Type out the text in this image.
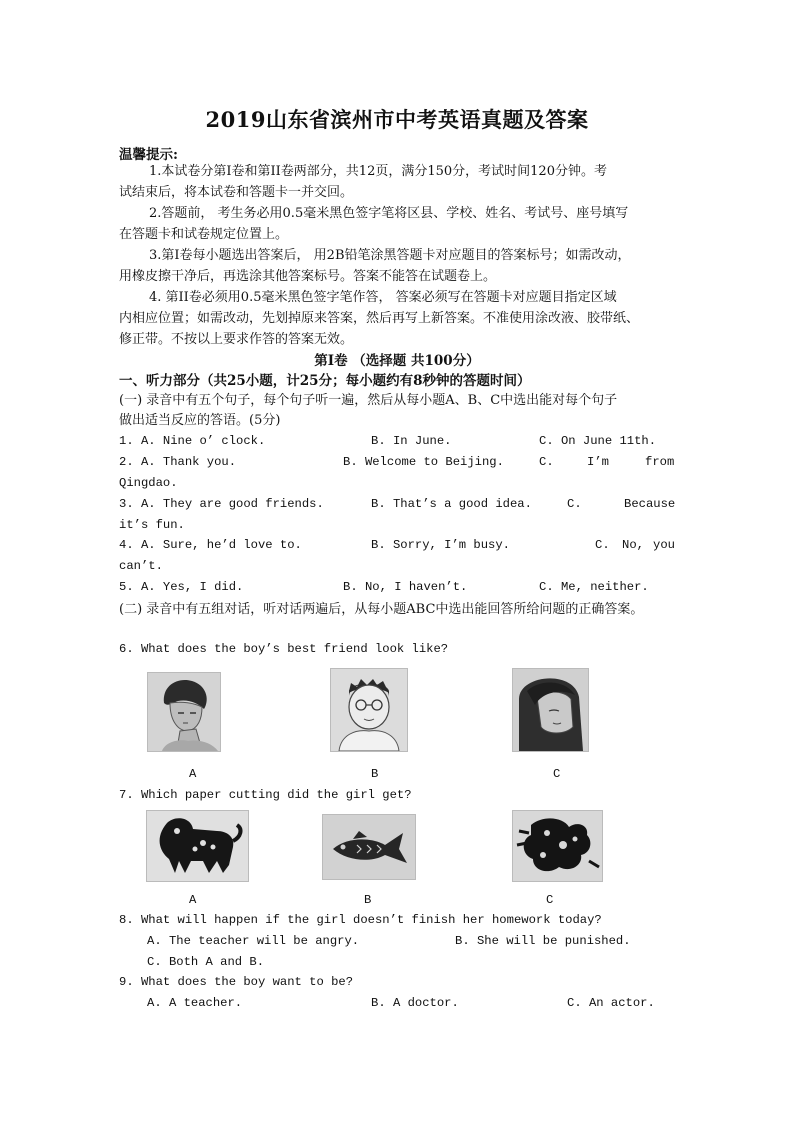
2019山东省滨州市中考英语真题及答案
温馨提示:
1.本试卷分第I卷和第II卷两部分，共12页，满分150分，考试时间120分钟。考
试结束后，将本试卷和答题卡一并交回。
2.答题前， 考生务必用0.5毫米黑色签字笔将区县、学校、姓名、考试号、座号填写
在答题卡和试卷规定位置上。
3.第I卷每小题选出答案后， 用2B铅笔涂黑答题卡对应题目的答案标号；如需改动，
用橡皮擦干净后，再选涂其他答案标号。答案不能答在试题卷上。
4. 第II卷必须用0.5毫米黑色签字笔作答， 答案必须写在答题卡对应题目指定区域
内相应位置；如需改动，先划掉原来答案，然后再写上新答案。不准使用涂改液、胶带纸、
修正带。不按以上要求作答的答案无效。
第I卷 （选择题 共100分）
一、听力部分（共25小题，计25分；每小题约有8秒钟的答题时间）
(一) 录音中有五个句子，每个句子听一遍，然后从每小题A、B、C中选出能对每个句子
做出适当反应的答语。(5分)
1. A. Nine o’ clock.	B. In June.	C. On June 11th.
2. A. Thank you.	B. Welcome to Beijing.	C.	I’m	from
Qingdao.
3. A. They are good friends.	B. That’s a good idea.	C.	Because
it’s fun.
4. A. Sure, he’d love to.	B. Sorry, I’m busy.	C. No, you
can’t.
5. A. Yes, I did.	B. No, I haven’t.	C. Me, neither.
(二) 录音中有五组对话，听对话两遍后，从每小题ABC中选出能回答所给问题的正确答案。
6. What does the boy’s best friend look like?
A	B	C
7. Which paper cutting did the girl get?
A	B	C
8. What will happen if the girl doesn’t finish her homework today?
A. The teacher will be angry.	B. She will be punished.
C. Both A and B.
9. What does the boy want to be?
A. A teacher.	B. A doctor.	C. An actor.
